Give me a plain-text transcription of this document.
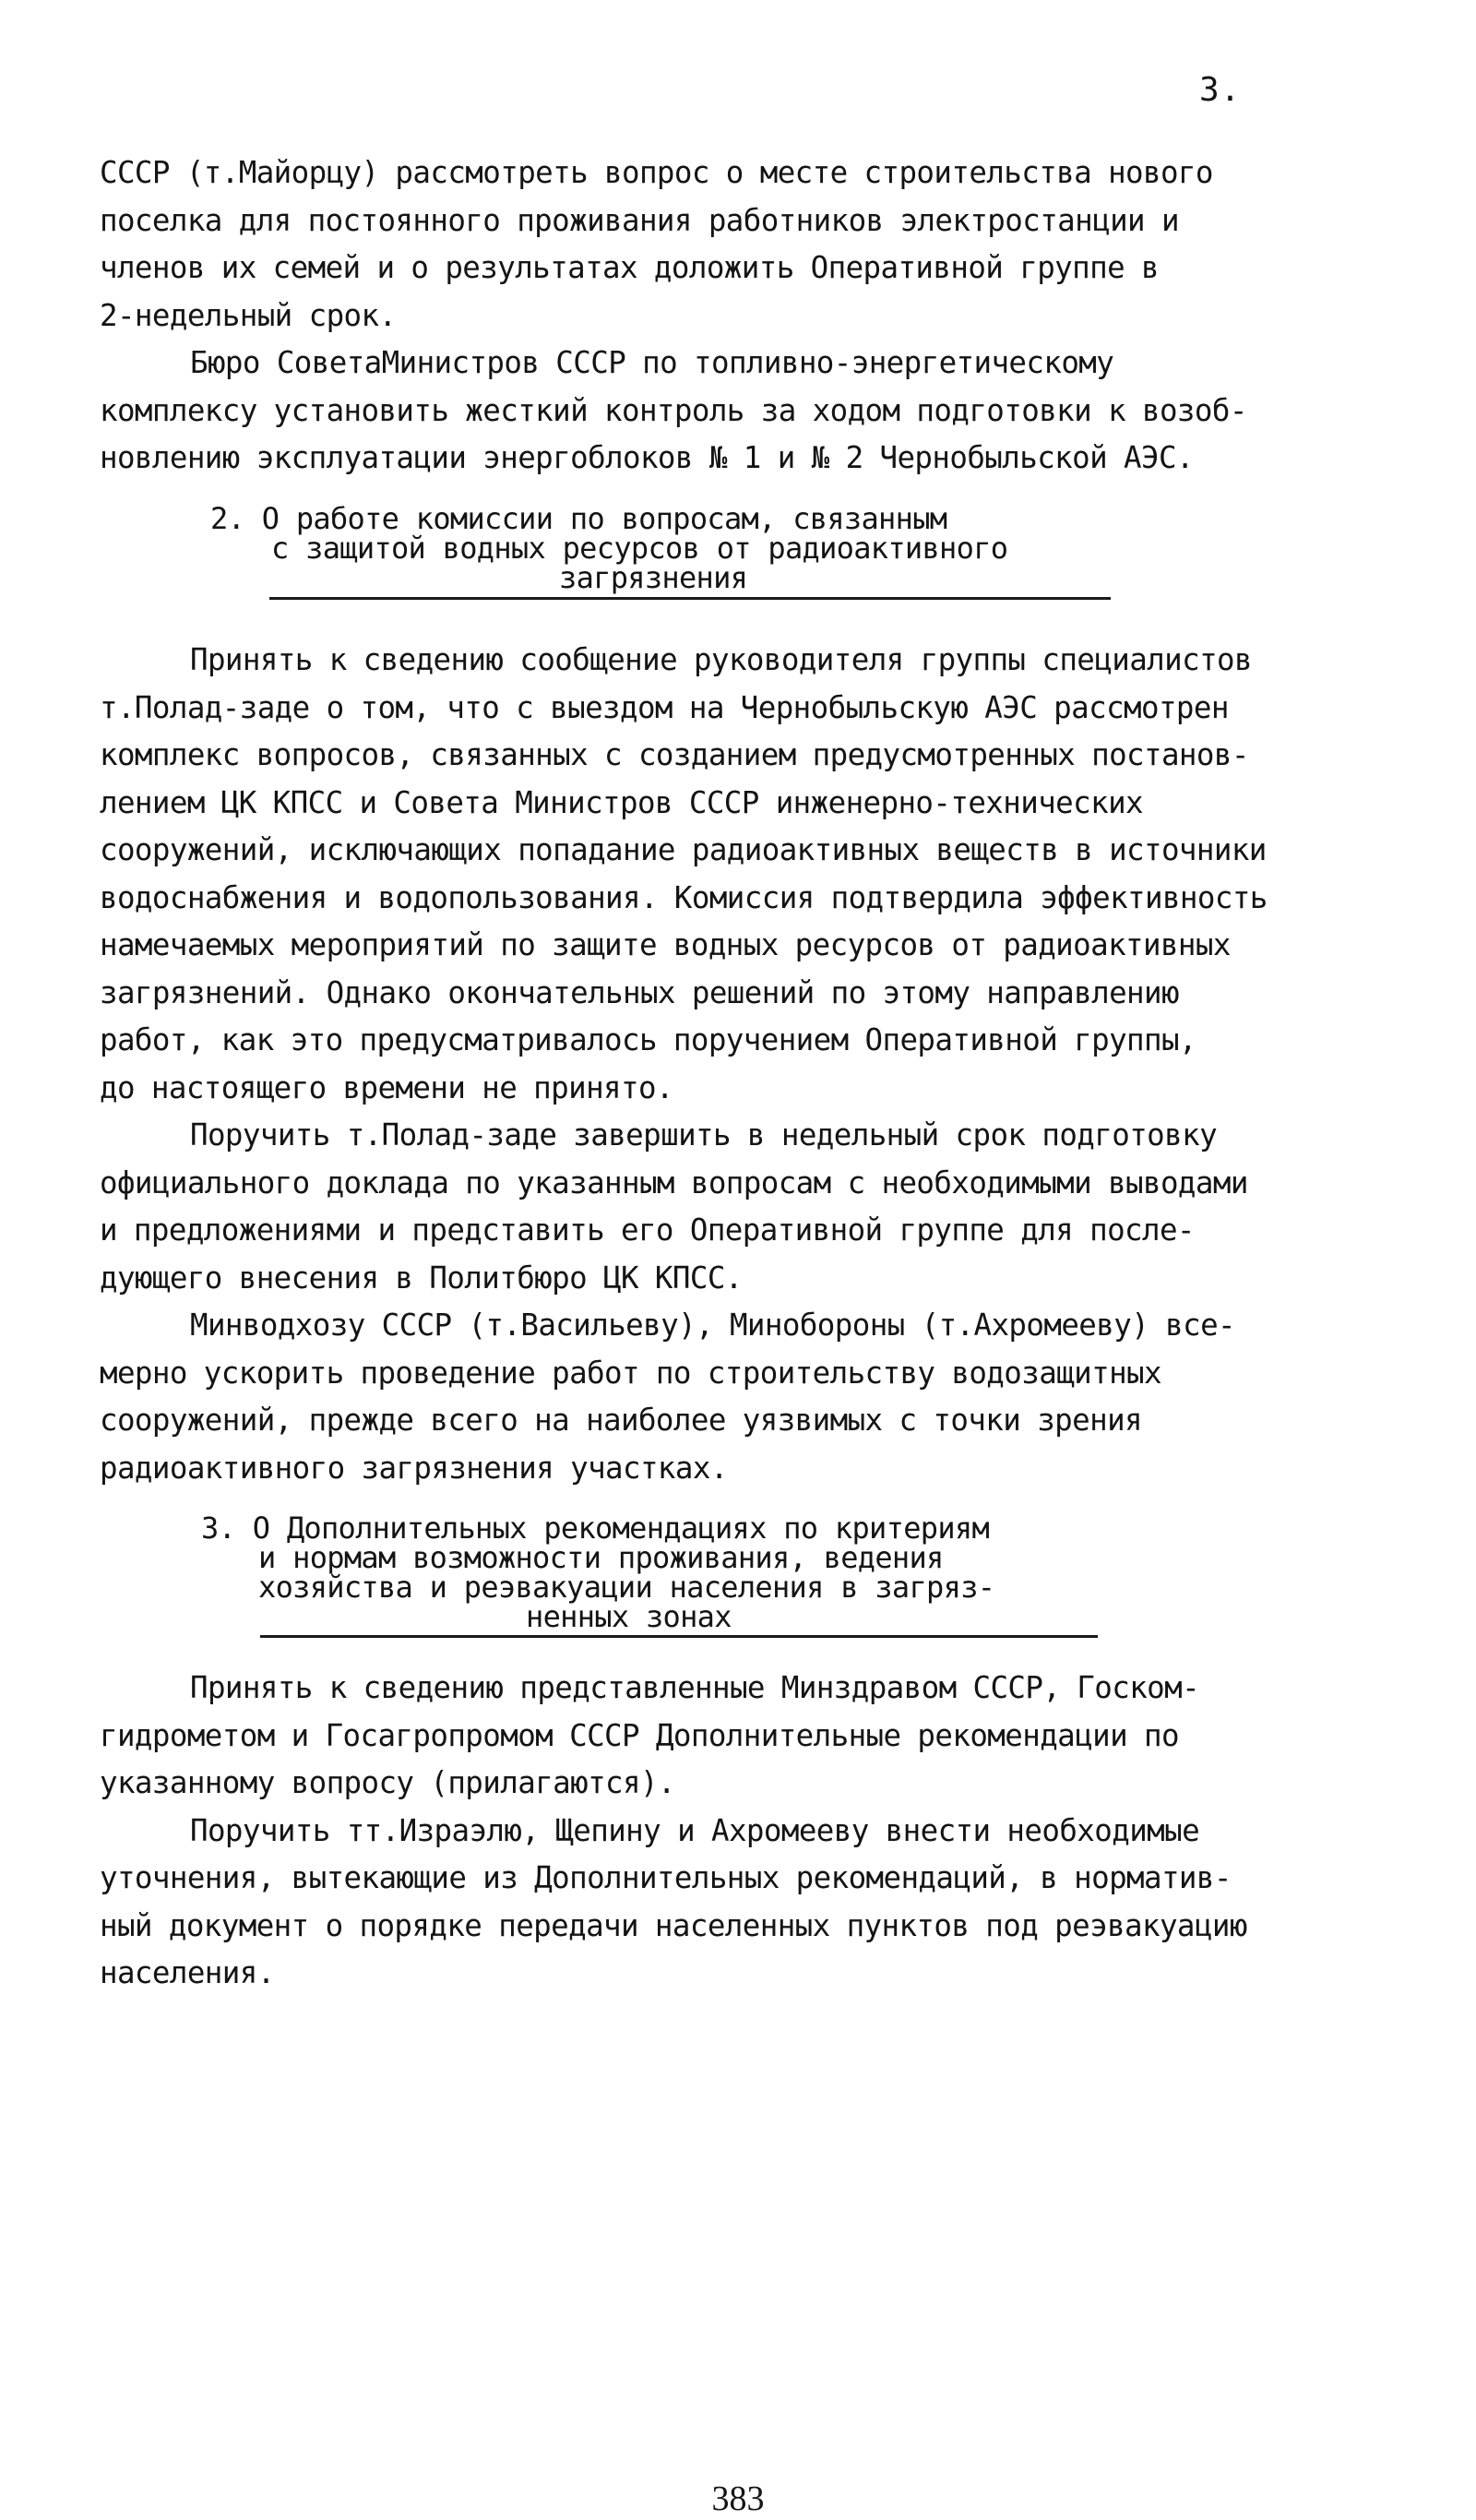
3.
СССР (т.Майорцу) рассмотреть вопрос о месте строительства нового
поселка для постоянного проживания работников электростанции и
членов их семей и о результатах доложить Оперативной группе в
2-недельный срок.
Бюро СоветаМинистров СССР по топливно-энергетическому
комплексу установить жесткий контроль за ходом подготовки к возоб-
новлению эксплуатации энергоблоков № 1 и № 2 Чернобыльской АЭС.
2. О работе комиссии по вопросам, связанным
с защитой водных ресурсов от радиоактивного
загрязнения
Принять к сведению сообщение руководителя группы специалистов
т.Полад-заде о том, что с выездом на Чернобыльскую АЭС рассмотрен
комплекс вопросов, связанных с созданием предусмотренных постанов-
лением ЦК КПСС и Совета Министров СССР инженерно-технических
сооружений, исключающих попадание радиоактивных веществ в источники
водоснабжения и водопользования. Комиссия подтвердила эффективность
намечаемых мероприятий по защите водных ресурсов от радиоактивных
загрязнений. Однако окончательных решений по этому направлению
работ, как это предусматривалось поручением Оперативной группы,
до настоящего времени не принято.
Поручить т.Полад-заде завершить в недельный срок подготовку
официального доклада по указанным вопросам с необходимыми выводами
и предложениями и представить его Оперативной группе для после-
дующего внесения в Политбюро ЦК КПСС.
Минводхозу СССР (т.Васильеву), Минобороны (т.Ахромееву) все-
мерно ускорить проведение работ по строительству водозащитных
сооружений, прежде всего на наиболее уязвимых с точки зрения
радиоактивного загрязнения участках.
3. О Дополнительных рекомендациях по критериям
и нормам возможности проживания, ведения
хозяйства и реэвакуации населения в загряз-
ненных зонах
Принять к сведению представленные Минздравом СССР, Госком-
гидрометом и Госагропромом СССР Дополнительные рекомендации по
указанному вопросу (прилагаются).
Поручить тт.Израэлю, Щепину и Ахромееву внести необходимые
уточнения, вытекающие из Дополнительных рекомендаций, в норматив-
ный документ о порядке передачи населенных пунктов под реэвакуацию
населения.
383
